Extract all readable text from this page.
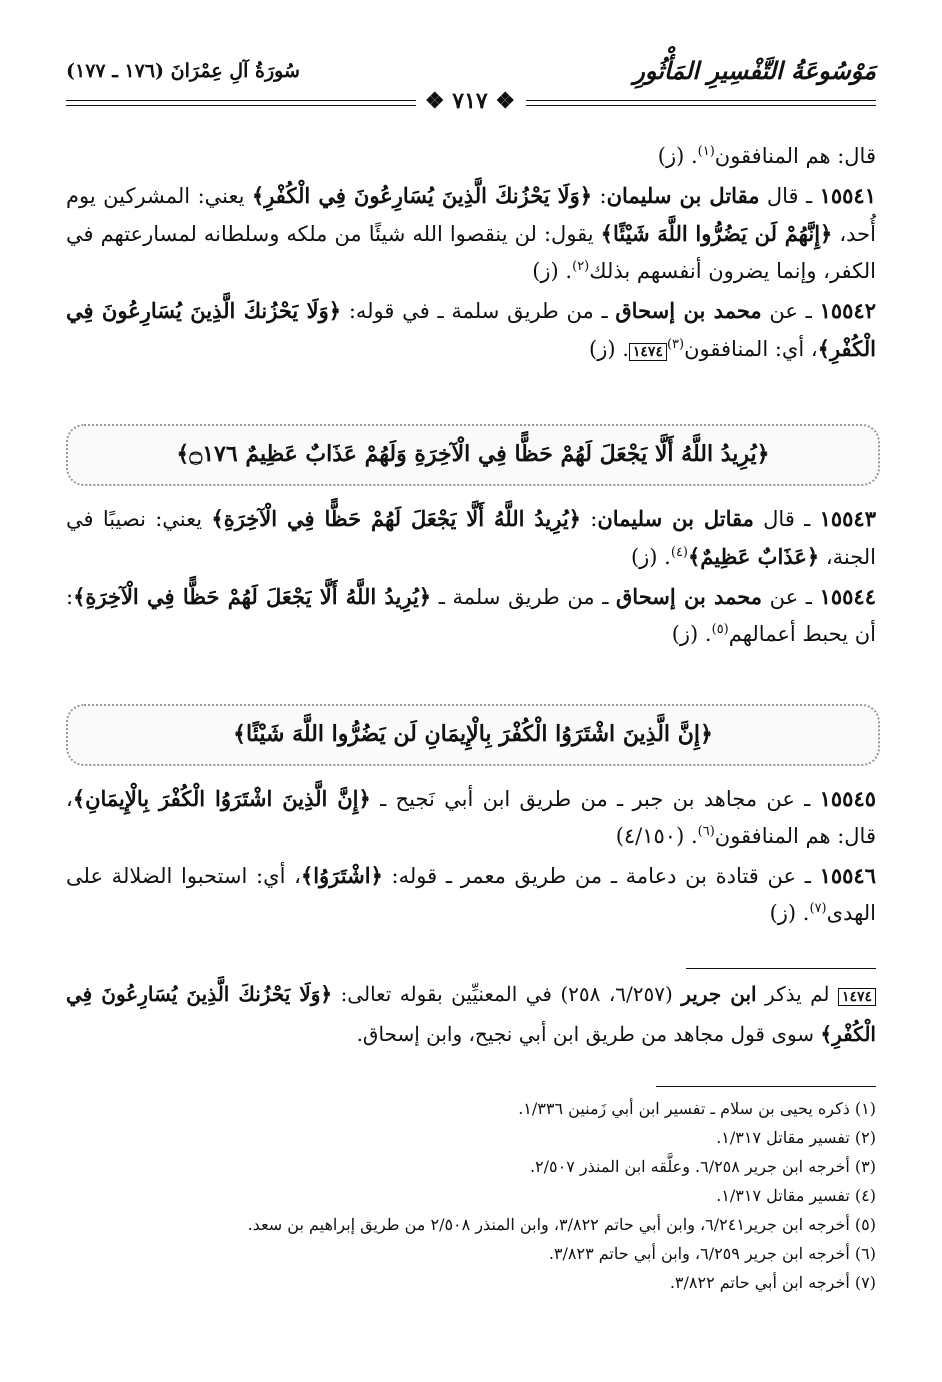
مَوْسُوعَةُ التَّفْسِيرِ المَأْثُورِ
سُورَةُ آلِ عِمْرَانَ (١٧٦ ـ ١٧٧)
❖ ٧١٧ ❖

قال: هم المنافقون$^{(١)}$. (ز)

١٥٥٤١ ـ قال مقاتل بن سليمان: ﴿وَلَا يَحْزُنكَ الَّذِينَ يُسَارِعُونَ فِي الْكُفْرِ﴾ يعني: المشركين يوم أُحد، ﴿إِنَّهُمْ لَن يَضُرُّوا اللَّهَ شَيْئًا﴾ يقول: لن ينقصوا الله شيئًا من ملكه وسلطانه لمسارعتهم في الكفر، وإنما يضرون أنفسهم بذلك$^{(٢)}$. (ز)

١٥٥٤٢ ـ عن محمد بن إسحاق ـ من طريق سلمة ـ في قوله: ﴿وَلَا يَحْزُنكَ الَّذِينَ يُسَارِعُونَ فِي الْكُفْرِ﴾، أي: المنافقون$^{(٣)}$١٤٧٤. (ز)

﴿يُرِيدُ اللَّهُ أَلَّا يَجْعَلَ لَهُمْ حَظًّا فِي الْآخِرَةِ وَلَهُمْ عَذَابٌ عَظِيمٌ ۝١٧٦﴾

١٥٥٤٣ ـ قال مقاتل بن سليمان: ﴿يُرِيدُ اللَّهُ أَلَّا يَجْعَلَ لَهُمْ حَظًّا فِي الْآخِرَةِ﴾ يعني: نصيبًا في الجنة، ﴿عَذَابٌ عَظِيمٌ﴾$^{(٤)}$. (ز)

١٥٥٤٤ ـ عن محمد بن إسحاق ـ من طريق سلمة ـ ﴿يُرِيدُ اللَّهُ أَلَّا يَجْعَلَ لَهُمْ حَظًّا فِي الْآخِرَةِ﴾: أن يحبط أعمالهم$^{(٥)}$. (ز)

﴿إِنَّ الَّذِينَ اشْتَرَوُا الْكُفْرَ بِالْإِيمَانِ لَن يَضُرُّوا اللَّهَ شَيْئًا﴾

١٥٥٤٥ ـ عن مجاهد بن جبر ـ من طريق ابن أبي نَجيح ـ ﴿إِنَّ الَّذِينَ اشْتَرَوُا الْكُفْرَ بِالْإِيمَانِ﴾، قال: هم المنافقون$^{(٦)}$. (٤/١٥٠)

١٥٥٤٦ ـ عن قتادة بن دعامة ـ من طريق معمر ـ قوله: ﴿اشْتَرَوُا﴾، أي: استحبوا الضلالة على الهدى$^{(٧)}$. (ز)

١٤٧٤ لم يذكر ابن جرير (٦/٢٥٧، ٢٥٨) في المعنيِّين بقوله تعالى: ﴿وَلَا يَحْزُنكَ الَّذِينَ يُسَارِعُونَ فِي الْكُفْرِ﴾ سوى قول مجاهد من طريق ابن أبي نجيح، وابن إسحاق.
(١) ذكره يحيى بن سلام ـ تفسير ابن أبي زَمنين ١/٣٣٦.
(٢) تفسير مقاتل ١/٣١٧.
(٣) أخرجه ابن جرير ٦/٢٥٨. وعلَّقه ابن المنذر ٢/٥٠٧.
(٤) تفسير مقاتل ١/٣١٧.
(٥) أخرجه ابن جرير٦/٢٤١، وابن أبي حاتم ٣/٨٢٢، وابن المنذر ٢/٥٠٨ من طريق إبراهيم بن سعد.
(٦) أخرجه ابن جرير ٦/٢٥٩، وابن أبي حاتم ٣/٨٢٣.
(٧) أخرجه ابن أبي حاتم ٣/٨٢٢.
